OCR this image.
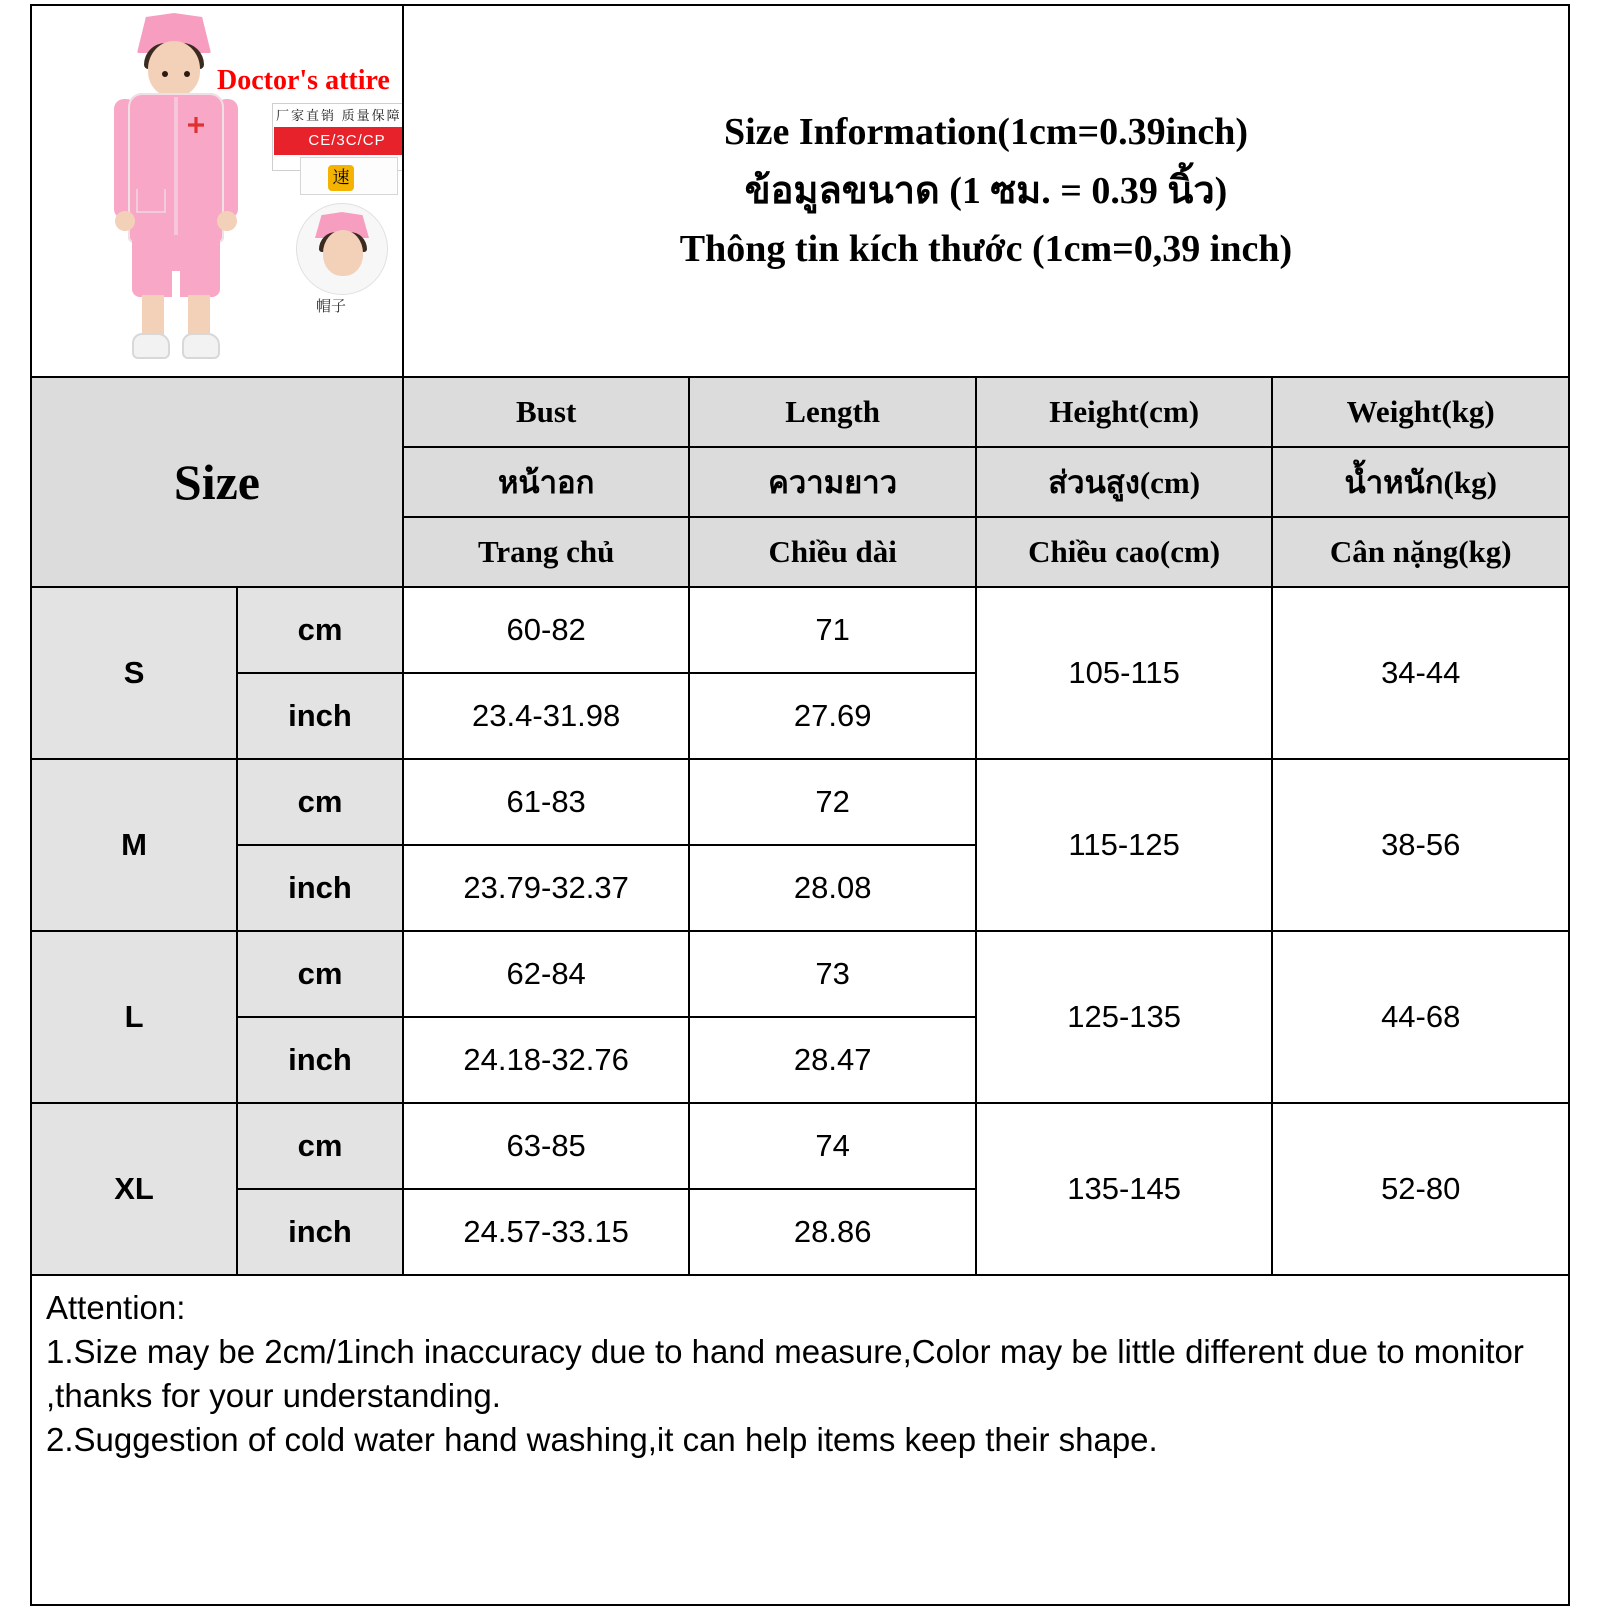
Doctor's attire
厂家直销 质量保障
CE/3C/CP
速
帽子

Size Information(1cm=0.39inch)
ข้อมูลขนาด (1 ซม. = 0.39 นิ้ว)
Thông tin kích thước (1cm=0,39 inch)

Size		Bust	Length	Height(cm)	Weight(kg)
		หน้าอก	ความยาว	ส่วนสูง(cm)	น้ำหนัก(kg)
		Trang chủ	Chiều dài	Chiều cao(cm)	Cân nặng(kg)
S	cm	60-82	71	105-115	34-44
	inch	23.4-31.98	27.69		
M	cm	61-83	72	115-125	38-56
	inch	23.79-32.37	28.08		
L	cm	62-84	73	125-135	44-68
	inch	24.18-32.76	28.47		
XL	cm	63-85	74	135-145	52-80
	inch	24.57-33.15	28.86		
Attention:
1.Size may be 2cm/1inch inaccuracy due to hand measure,Color may be little different due to monitor ,thanks for your understanding.
2.Suggestion of cold water hand washing,it can help items keep their shape.
